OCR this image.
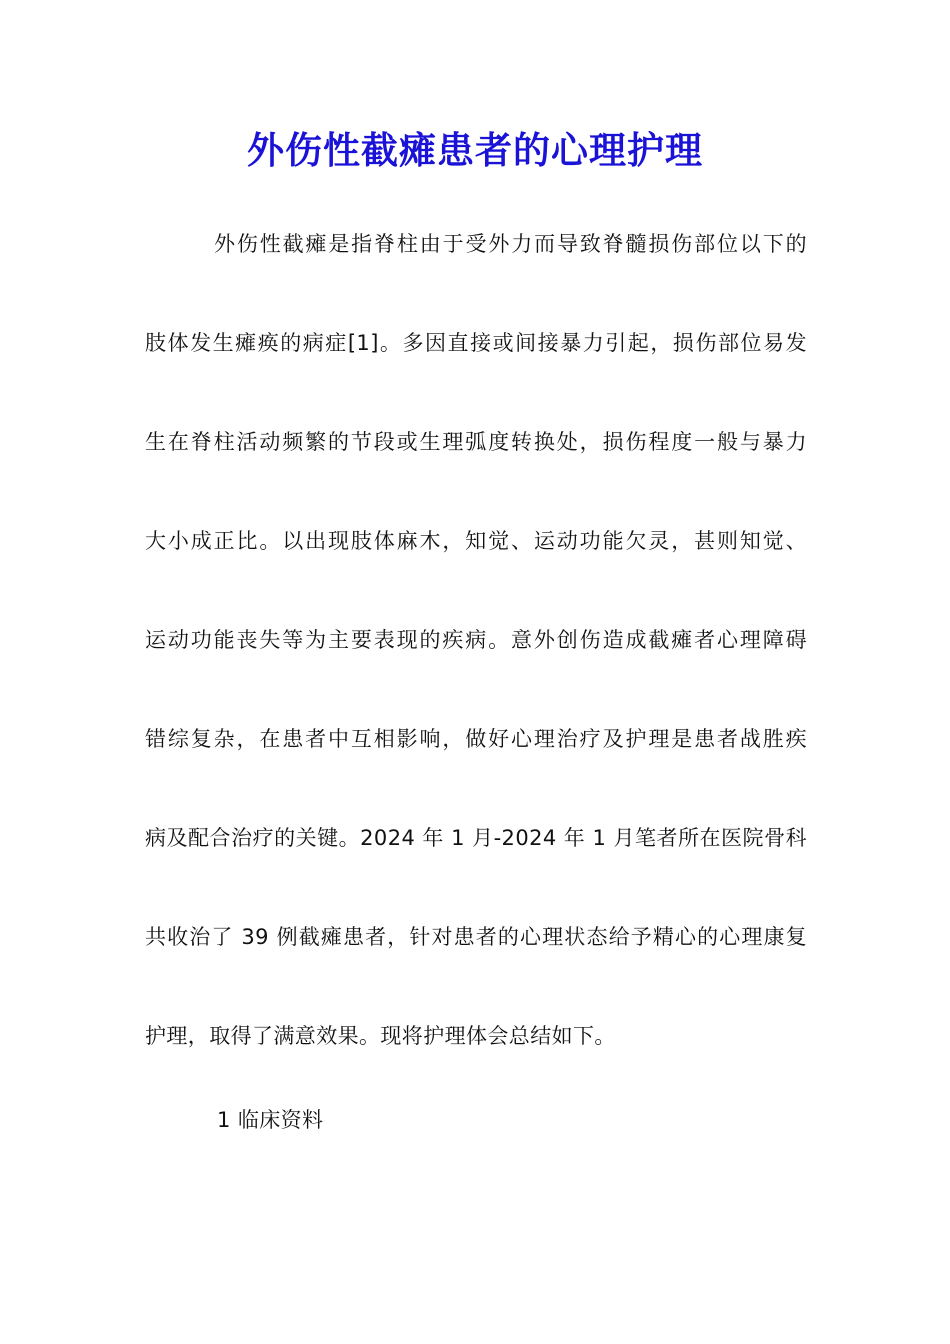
外伤性截瘫患者的心理护理
外伤性截瘫是指脊柱由于受外力而导致脊髓损伤部位以下的
肢体发生瘫痪的病症[1]。多因直接或间接暴力引起，损伤部位易发
生在脊柱活动频繁的节段或生理弧度转换处，损伤程度一般与暴力
大小成正比。以出现肢体麻木，知觉、运动功能欠灵，甚则知觉、
运动功能丧失等为主要表现的疾病。意外创伤造成截瘫者心理障碍
错综复杂，在患者中互相影响，做好心理治疗及护理是患者战胜疾
病及配合治疗的关键。2024 年 1 月-2024 年 1 月笔者所在医院骨科
共收治了 39 例截瘫患者，针对患者的心理状态给予精心的心理康复
护理，取得了满意效果。现将护理体会总结如下。
1 临床资料
